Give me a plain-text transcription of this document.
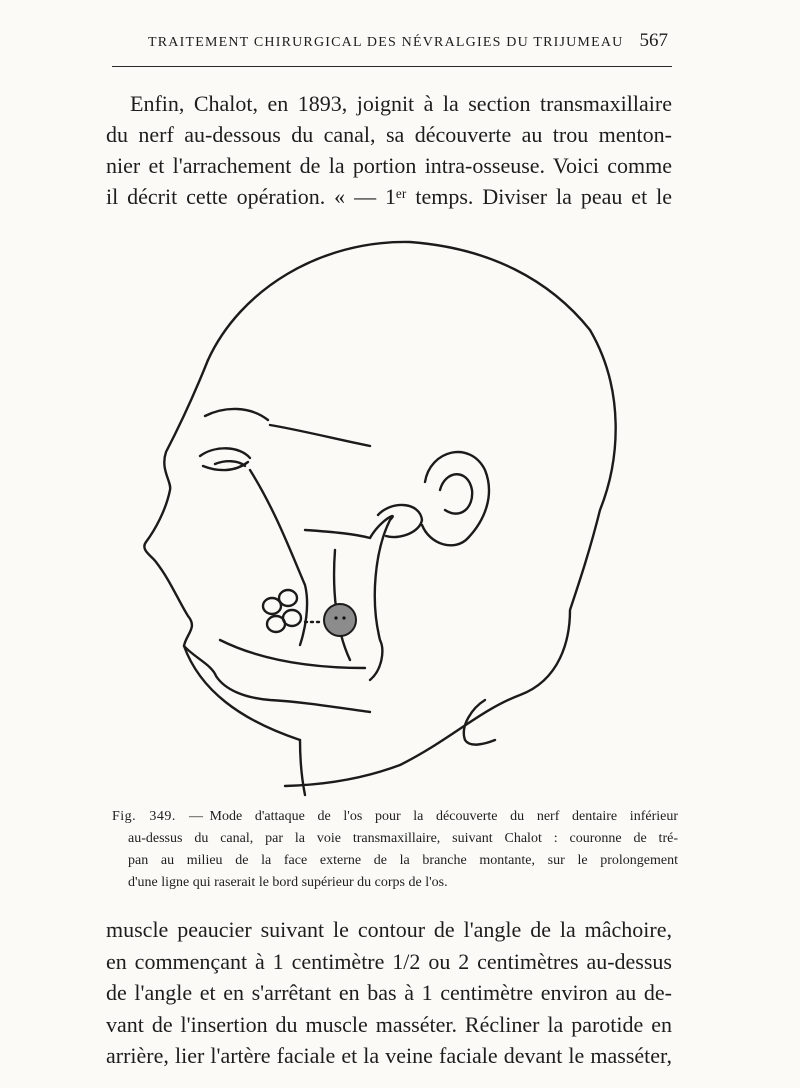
TRAITEMENT CHIRURGICAL DES NÉVRALGIES DU TRIJUMEAU 567
Enfin, Chalot, en 1893, joignit à la section transmaxillaire
du nerf au-dessous du canal, sa découverte au trou menton-
nier et l'arrachement de la portion intra-osseuse. Voici comme
il décrit cette opération. « — 1ᵉʳ temps. Diviser la peau et le
Fig. 349. — Mode d'attaque de l'os pour la découverte du nerf dentaire inférieur
au-dessus du canal, par la voie transmaxillaire, suivant Chalot : couronne de tré-
pan au milieu de la face externe de la branche montante, sur le prolongement
d'une ligne qui raserait le bord supérieur du corps de l'os.
muscle peaucier suivant le contour de l'angle de la mâchoire,
en commençant à 1 centimètre 1/2 ou 2 centimètres au-dessus
de l'angle et en s'arrêtant en bas à 1 centimètre environ au de-
vant de l'insertion du muscle masséter. Récliner la parotide en
arrière, lier l'artère faciale et la veine faciale devant le masséter,
